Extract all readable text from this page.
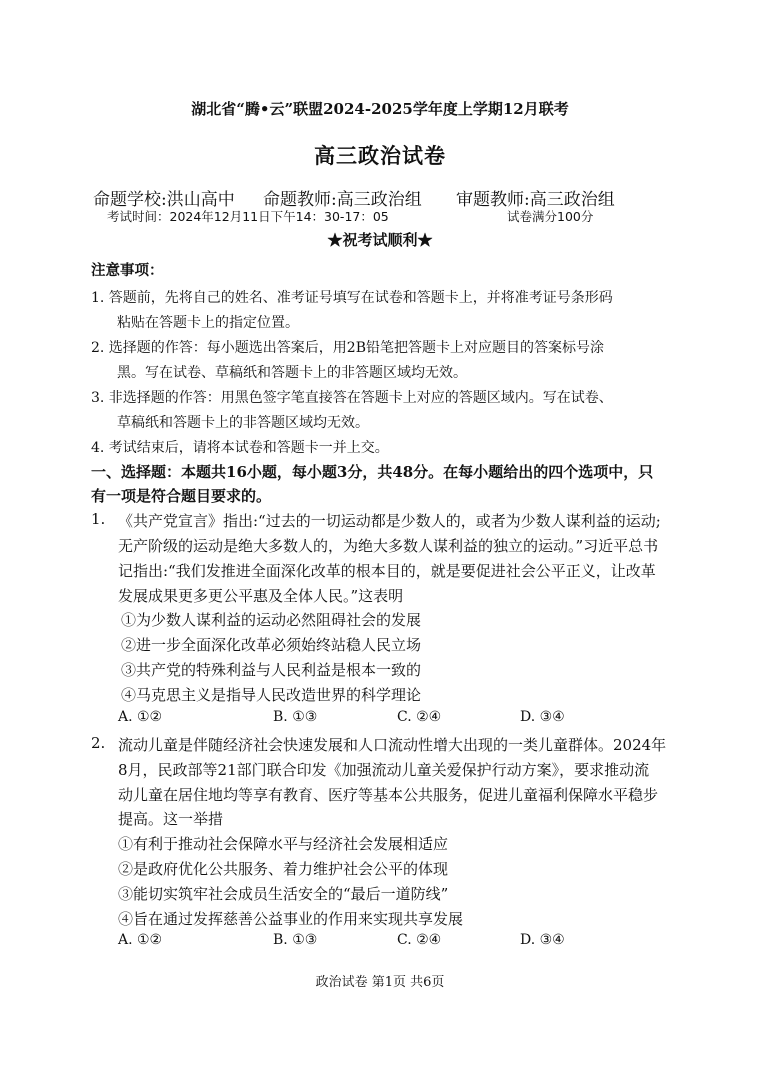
湖北省“腾•云”联盟2024-2025学年度上学期12月联考
高三政治试卷
命题学校:洪山高中 命题教师:高三政治组 审题教师:高三政治组
考试时间：2024年12月11日下午14：30-17：05	试卷满分100分
★祝考试顺利★
注意事项：
1. 答题前，先将自己的姓名、准考证号填写在试卷和答题卡上，并将准考证号条形码
粘贴在答题卡上的指定位置。
2. 选择题的作答：每小题选出答案后，用2B铅笔把答题卡上对应题目的答案标号涂
黑。写在试卷、草稿纸和答题卡上的非答题区域均无效。
3. 非选择题的作答：用黑色签字笔直接答在答题卡上对应的答题区域内。写在试卷、
草稿纸和答题卡上的非答题区域均无效。
4. 考试结束后，请将本试卷和答题卡一并上交。
一、选择题：本题共16小题，每小题3分，共48分。在每小题给出的四个选项中，只
有一项是符合题目要求的。
1. 《共产党宣言》指出:“过去的一切运动都是少数人的，或者为少数人谋利益的运动;
无产阶级的运动是绝大多数人的，为绝大多数人谋利益的独立的运动。”习近平总书
记指出:“我们发推进全面深化改革的根本目的，就是要促进社会公平正义，让改革
发展成果更多更公平惠及全体人民。”这表明
①为少数人谋利益的运动必然阻碍社会的发展
②进一步全面深化改革必须始终站稳人民立场
③共产党的特殊利益与人民利益是根本一致的
④马克思主义是指导人民改造世界的科学理论
A. ①②	B. ①③	C. ②④	D. ③④
2. 流动儿童是伴随经济社会快速发展和人口流动性增大出现的一类儿童群体。2024年
8月，民政部等21部门联合印发《加强流动儿童关爱保护行动方案》，要求推动流
动儿童在居住地均等享有教育、医疗等基本公共服务，促进儿童福利保障水平稳步
提高。这一举措
①有利于推动社会保障水平与经济社会发展相适应
②是政府优化公共服务、着力维护社会公平的体现
③能切实筑牢社会成员生活安全的“最后一道防线”
④旨在通过发挥慈善公益事业的作用来实现共享发展
A. ①②	B. ①③	C. ②④	D. ③④
政治试卷 第1页 共6页
